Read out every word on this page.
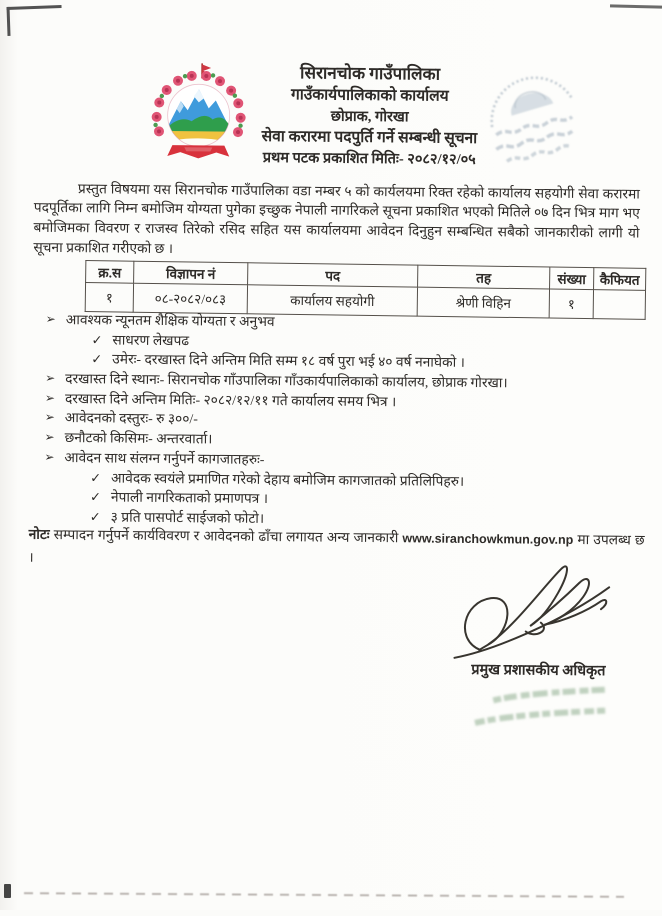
सिरानचोक गाउँपालिका
गाउँकार्यपालिकाको कार्यालय
छोप्राक, गोरखा
सेवा करारमा पदपुर्ति गर्ने सम्बन्धी सूचना
प्रथम पटक प्रकाशित मितिः- २०८२/१२/०५

प्रस्तुत विषयमा यस सिरानचोक गाउँपालिका वडा नम्बर ५ को कार्यलयमा रिक्त रहेको कार्यालय सहयोगी सेवा करारमा पदपूर्तिका लागि निम्न बमोजिम योग्यता पुगेका इच्छुक नेपाली नागरिकले सूचना प्रकाशित भएको मितिले ०७ दिन भित्र माग भए बमोजिमका विवरण र राजस्व तिरेको रसिद सहित यस कार्यालयमा आवेदन दिनुहुन सम्बन्धित सबैको जानकारीको लागी यो सूचना प्रकाशित गरीएको छ ।

क्र.स	विज्ञापन नं	पद	तह	संख्या	कैफियत
१	०८-२०८२/०८३	कार्यालय सहयोगी	श्रेणी विहिन	१	
➢ आवश्यक न्यूनतम शैक्षिक योग्यता र अनुभव
✓ साधरण लेखपढ
✓ उमेरः- दरखास्त दिने अन्तिम मिति सम्म १८ वर्ष पुरा भई ४० वर्ष ननाघेको ।
➢ दरखास्त दिने स्थानः- सिरानचोक गाँउपालिका गाँउकार्यपालिकाको कार्यालय, छोप्राक गोरखा।
➢ दरखास्त दिने अन्तिम मितिः- २०८२/१२/११ गते कार्यालय समय भित्र ।
➢ आवेदनको दस्तुरः- रु ३००/-
➢ छनौटको किसिमः- अन्तरवार्ता।
➢ आवेदन साथ संलग्न गर्नुपर्ने कागजातहरुः-
✓ आवेदक स्वयंले प्रमाणित गरेको देहाय बमोजिम कागजातको प्रतिलिपिहरु।
✓ नेपाली नागरिकताको प्रमाणपत्र ।
✓ ३ प्रति पासपोर्ट साईजको फोटो।
नोटः सम्पादन गर्नुपर्ने कार्यविवरण र आवेदनको ढाँचा लगायत अन्य जानकारी www.siranchowkmun.gov.np मा उपलब्ध छ ।
प्रमुख प्रशासकीय अधिकृत
